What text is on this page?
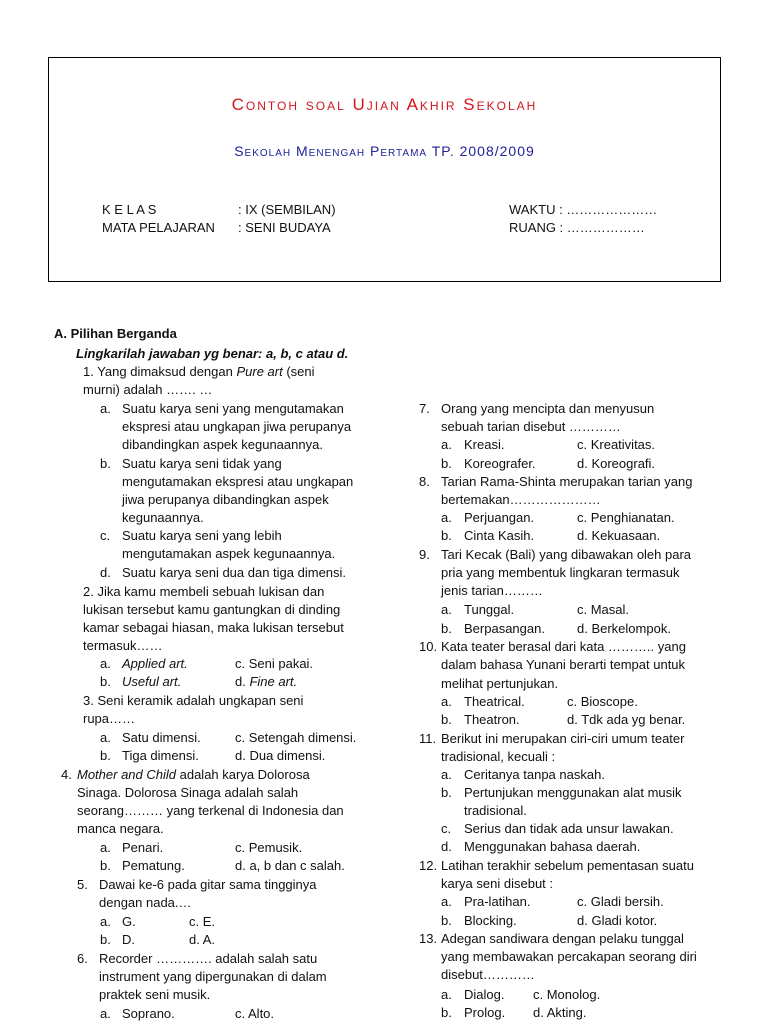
Contoh soal Ujian Akhir Sekolah
Sekolah Menengah Pertama TP. 2008/2009
K E L A S	: IX (SEMBILAN)
MATA PELAJARAN : SENI BUDAYA
WAKTU : …………………
RUANG : ………………
A. Pilihan Berganda
Lingkarilah jawaban yg benar: a, b, c atau d.
1. Yang dimaksud dengan Pure art (seni
murni) adalah ……. …
a. Suatu karya seni yang mengutamakan
ekspresi atau ungkapan jiwa perupanya
dibandingkan aspek kegunaannya.
b. Suatu karya seni tidak yang
mengutamakan ekspresi atau ungkapan
jiwa perupanya dibandingkan aspek
kegunaannya.
c. Suatu karya seni yang lebih
mengutamakan aspek kegunaannya.
d. Suatu karya seni dua dan tiga dimensi.
2. Jika kamu membeli sebuah lukisan dan
lukisan tersebut kamu gantungkan di dinding
kamar sebagai hiasan, maka lukisan tersebut
termasuk……
a. Applied art.	c. Seni pakai.
b. Useful art.	d. Fine art.
3. Seni keramik adalah ungkapan seni
rupa……
a. Satu dimensi.	c. Setengah dimensi.
b. Tiga dimensi.	d. Dua dimensi.
4. Mother and Child adalah karya Dolorosa
Sinaga. Dolorosa Sinaga adalah salah
seorang……… yang terkenal di Indonesia dan
manca negara.
a. Penari.	c. Pemusik.
b. Pematung.	d. a, b dan c salah.
5. Dawai ke-6 pada gitar sama tingginya
dengan nada.…
a. G.	c. E.
b. D.	d. A.
6. Recorder …………. adalah salah satu
instrument yang dipergunakan di dalam
praktek seni musik.
a. Soprano.	c. Alto.
7. Orang yang mencipta dan menyusun
sebuah tarian disebut …………
a. Kreasi.	c. Kreativitas.
b. Koreografer.	d. Koreografi.
8. Tarian Rama-Shinta merupakan tarian yang
bertemakan…………………
a. Perjuangan.	c. Penghianatan.
b. Cinta Kasih.	d. Kekuasaan.
9. Tari Kecak (Bali) yang dibawakan oleh para
pria yang membentuk lingkaran termasuk
jenis tarian………
a. Tunggal.	c. Masal.
b. Berpasangan. d. Berkelompok.
10. Kata teater berasal dari kata ……….. yang
dalam bahasa Yunani berarti tempat untuk
melihat pertunjukan.
a. Theatrical.	c. Bioscope.
b. Theatron.	d. Tdk ada yg benar.
11. Berikut ini merupakan ciri-ciri umum teater
tradisional, kecuali :
a. Ceritanya tanpa naskah.
b. Pertunjukan menggunakan alat musik
tradisional.
c. Serius dan tidak ada unsur lawakan.
d. Menggunakan bahasa daerah.
12. Latihan terakhir sebelum pementasan suatu
karya seni disebut :
a. Pra-latihan.	c. Gladi bersih.
b. Blocking.	d. Gladi kotor.
13. Adegan sandiwara dengan pelaku tunggal
yang membawakan percakapan seorang diri
disebut…………
a. Dialog. c. Monolog.
b. Prolog. d. Akting.
